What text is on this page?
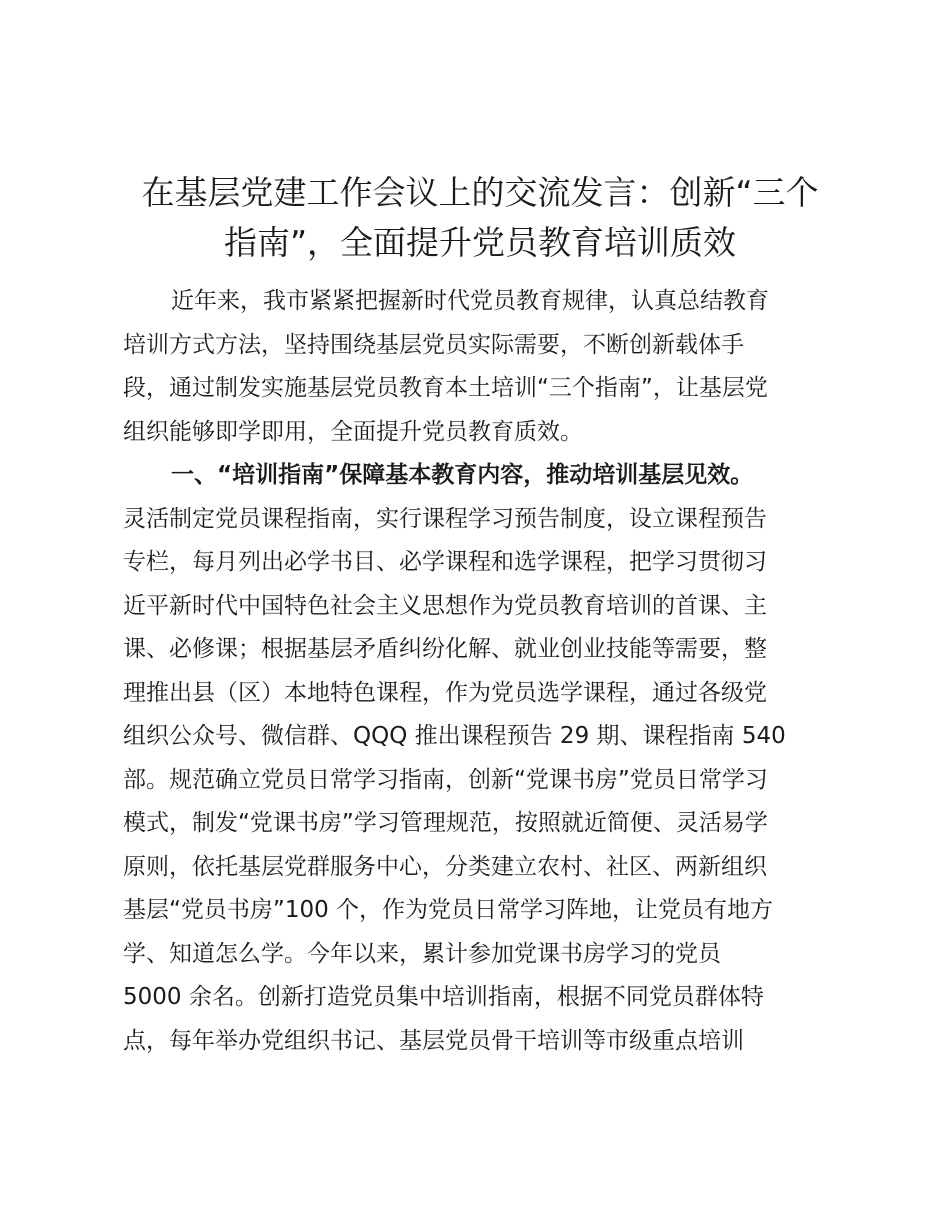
在基层党建工作会议上的交流发言：创新“三个
指南”，全面提升党员教育培训质效
近年来，我市紧紧把握新时代党员教育规律，认真总结教育
培训方式方法，坚持围绕基层党员实际需要，不断创新载体手
段，通过制发实施基层党员教育本土培训“三个指南”，让基层党
组织能够即学即用，全面提升党员教育质效。
一、“培训指南”保障基本教育内容，推动培训基层见效。
灵活制定党员课程指南，实行课程学习预告制度，设立课程预告
专栏，每月列出必学书目、必学课程和选学课程，把学习贯彻习
近平新时代中国特色社会主义思想作为党员教育培训的首课、主
课、必修课；根据基层矛盾纠纷化解、就业创业技能等需要，整
理推出县（区）本地特色课程，作为党员选学课程，通过各级党
组织公众号、微信群、QQQ 推出课程预告 29 期、课程指南 540
部。规范确立党员日常学习指南，创新“党课书房”党员日常学习
模式，制发“党课书房”学习管理规范，按照就近简便、灵活易学
原则，依托基层党群服务中心，分类建立农村、社区、两新组织
基层“党员书房”100 个，作为党员日常学习阵地，让党员有地方
学、知道怎么学。今年以来，累计参加党课书房学习的党员
5000 余名。创新打造党员集中培训指南，根据不同党员群体特
点，每年举办党组织书记、基层党员骨干培训等市级重点培训
